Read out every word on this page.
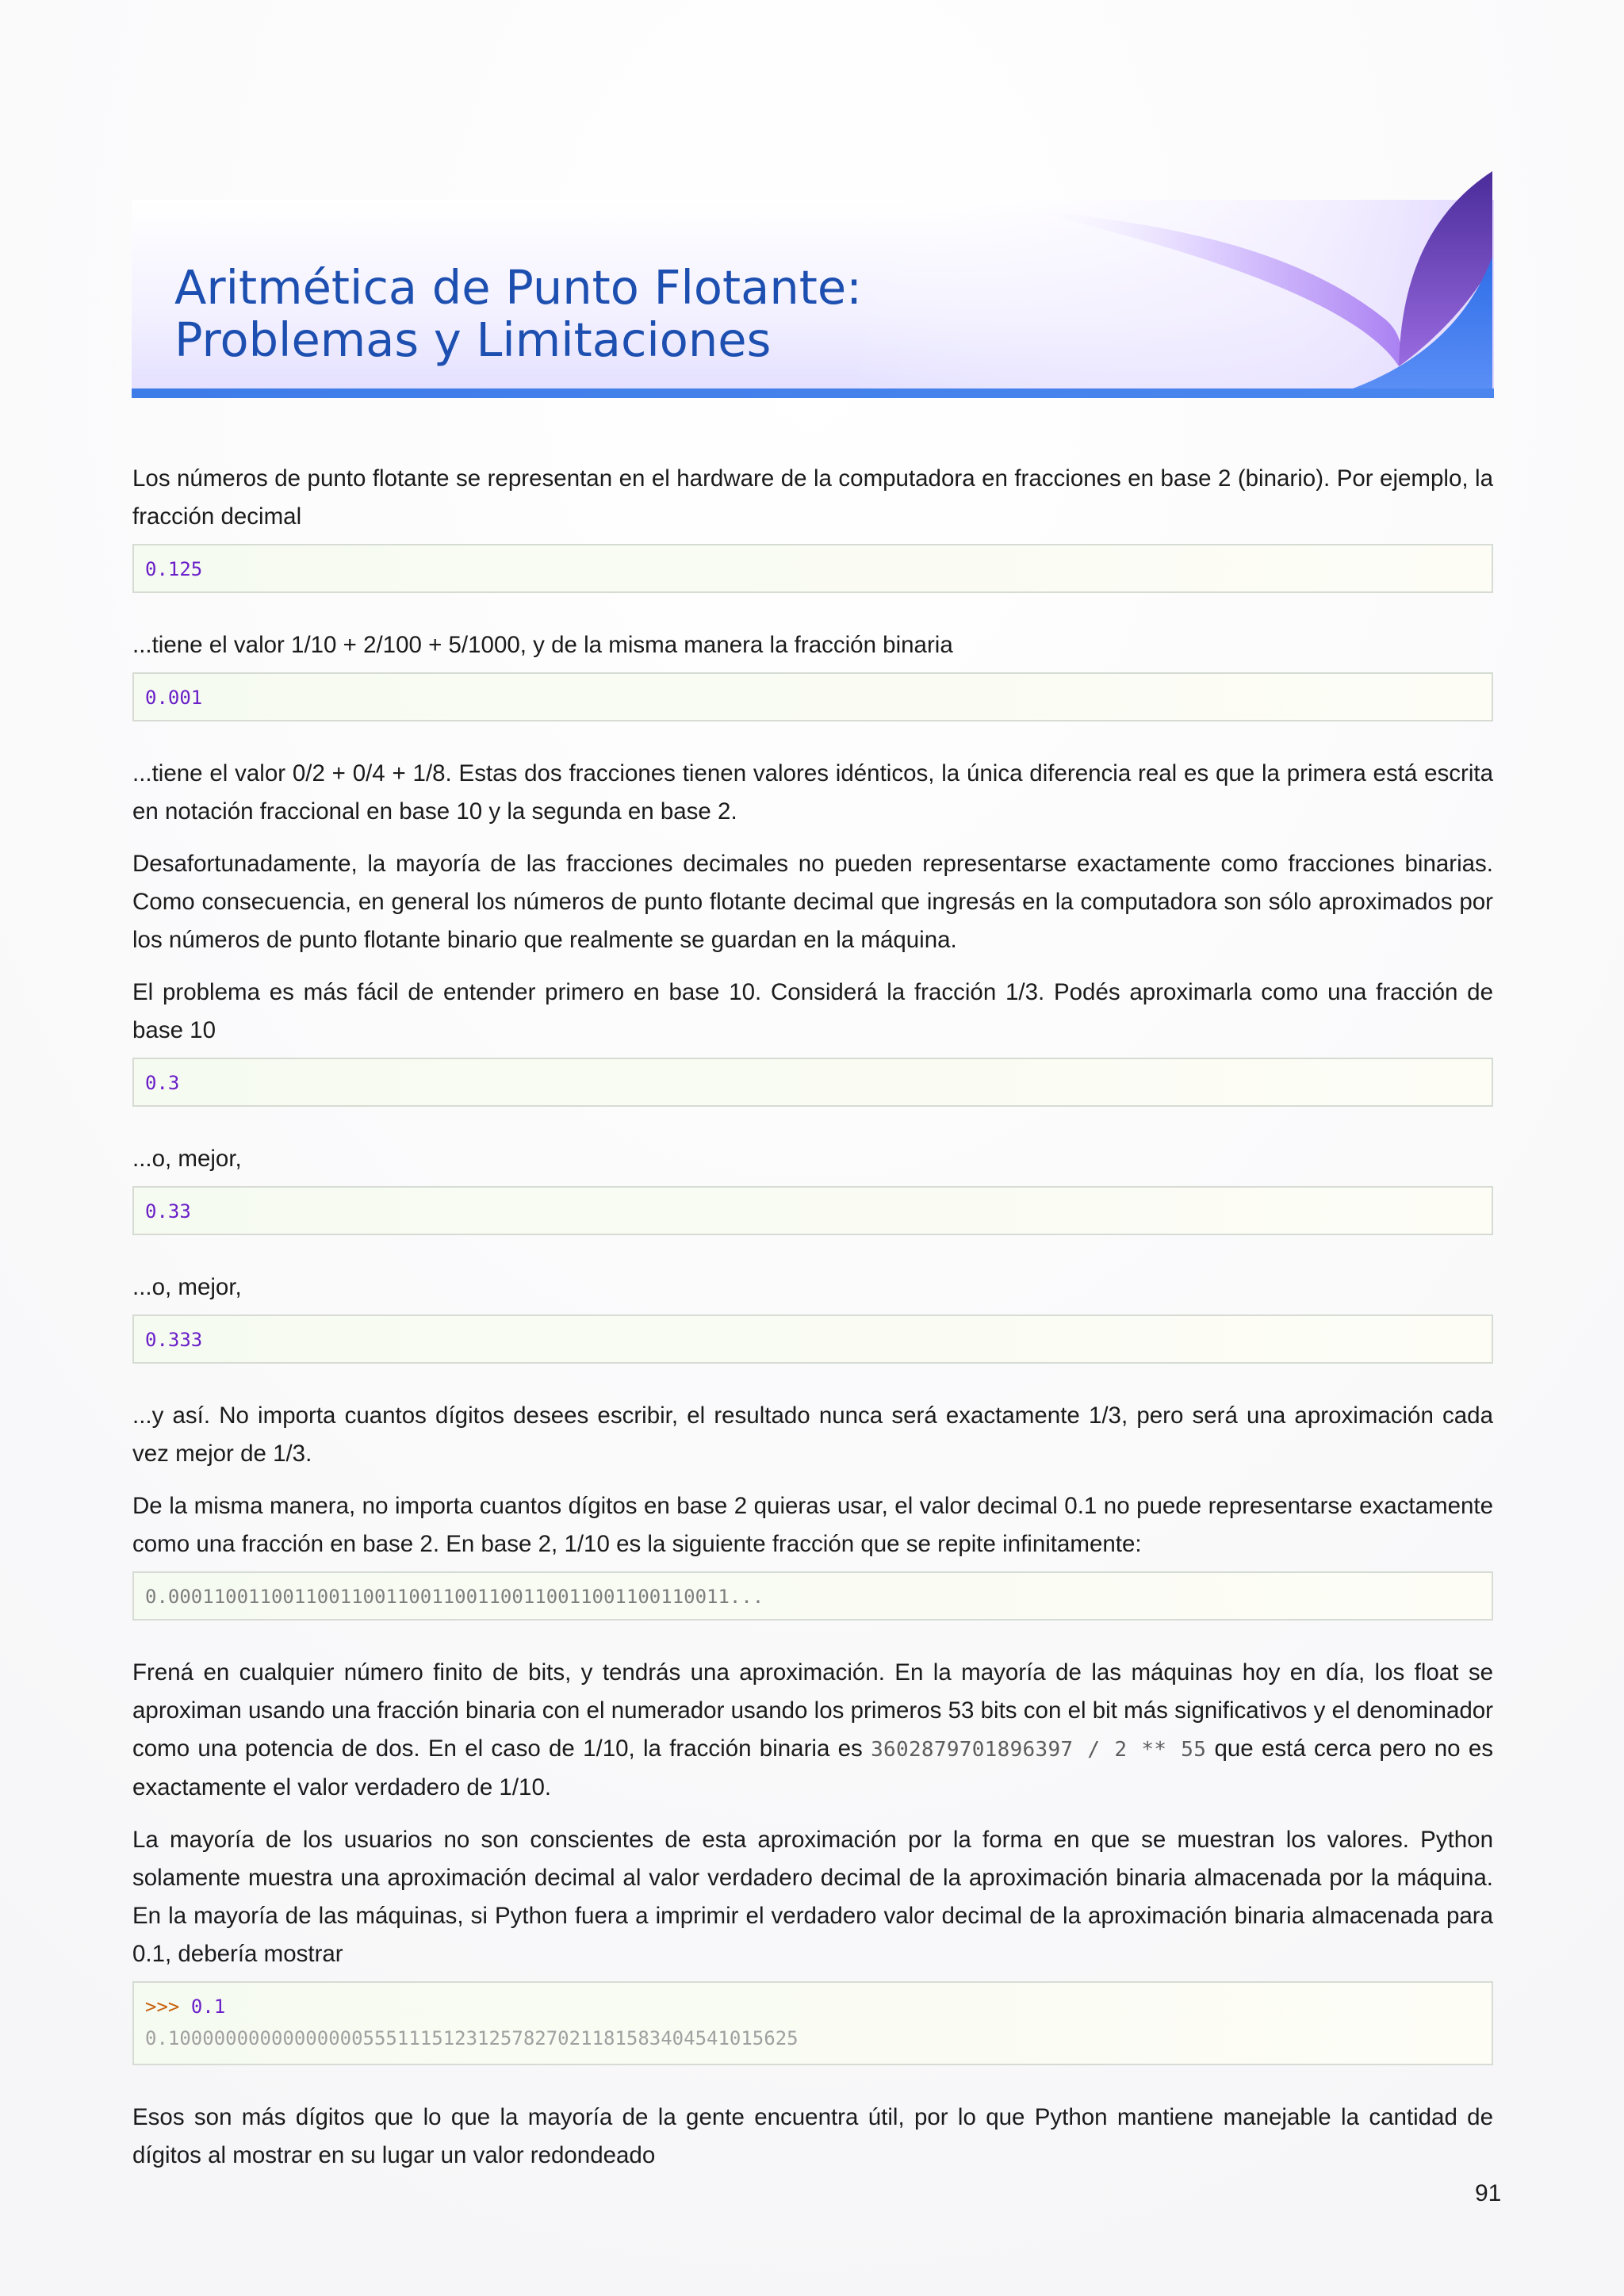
Aritmética de Punto Flotante:
Problemas y Limitaciones

Los números de punto flotante se representan en el hardware de la computadora en fracciones en base 2 (binario). Por ejemplo, la fracción decimal

0.125

...tiene el valor 1/10 + 2/100 + 5/1000, y de la misma manera la fracción binaria

0.001

...tiene el valor 0/2 + 0/4 + 1/8. Estas dos fracciones tienen valores idénticos, la única diferencia real es que la primera está escrita en notación fraccional en base 10 y la segunda en base 2.

Desafortunadamente, la mayoría de las fracciones decimales no pueden representarse exactamente como fracciones binarias. Como consecuencia, en general los números de punto flotante decimal que ingresás en la computadora son sólo aproximados por los números de punto flotante binario que realmente se guardan en la máquina.

El problema es más fácil de entender primero en base 10. Considerá la fracción 1/3. Podés aproximarla como una fracción de base 10

0.3

...o, mejor,

0.33

...o, mejor,

0.333

...y así. No importa cuantos dígitos desees escribir, el resultado nunca será exactamente 1/3, pero será una aproximación cada vez mejor de 1/3.

De la misma manera, no importa cuantos dígitos en base 2 quieras usar, el valor decimal 0.1 no puede representarse exactamente como una fracción en base 2. En base 2, 1/10 es la siguiente fracción que se repite infinitamente:

0.0001100110011001100110011001100110011001100110011...

Frená en cualquier número finito de bits, y tendrás una aproximación. En la mayoría de las máquinas hoy en día, los float se aproximan usando una fracción binaria con el numerador usando los primeros 53 bits con el bit más significativos y el denominador como una potencia de dos. En el caso de 1/10, la fracción binaria es 3602879701896397 / 2 ** 55 que está cerca pero no es exactamente el valor verdadero de 1/10.

La mayoría de los usuarios no son conscientes de esta aproximación por la forma en que se muestran los valores. Python solamente muestra una aproximación decimal al valor verdadero decimal de la aproximación binaria almacenada por la máquina. En la mayoría de las máquinas, si Python fuera a imprimir el verdadero valor decimal de la aproximación binaria almacenada para 0.1, debería mostrar

>>> 0.1
0.1000000000000000055511151231257827021181583404541015625

Esos son más dígitos que lo que la mayoría de la gente encuentra útil, por lo que Python mantiene manejable la cantidad de dígitos al mostrar en su lugar un valor redondeado

91
